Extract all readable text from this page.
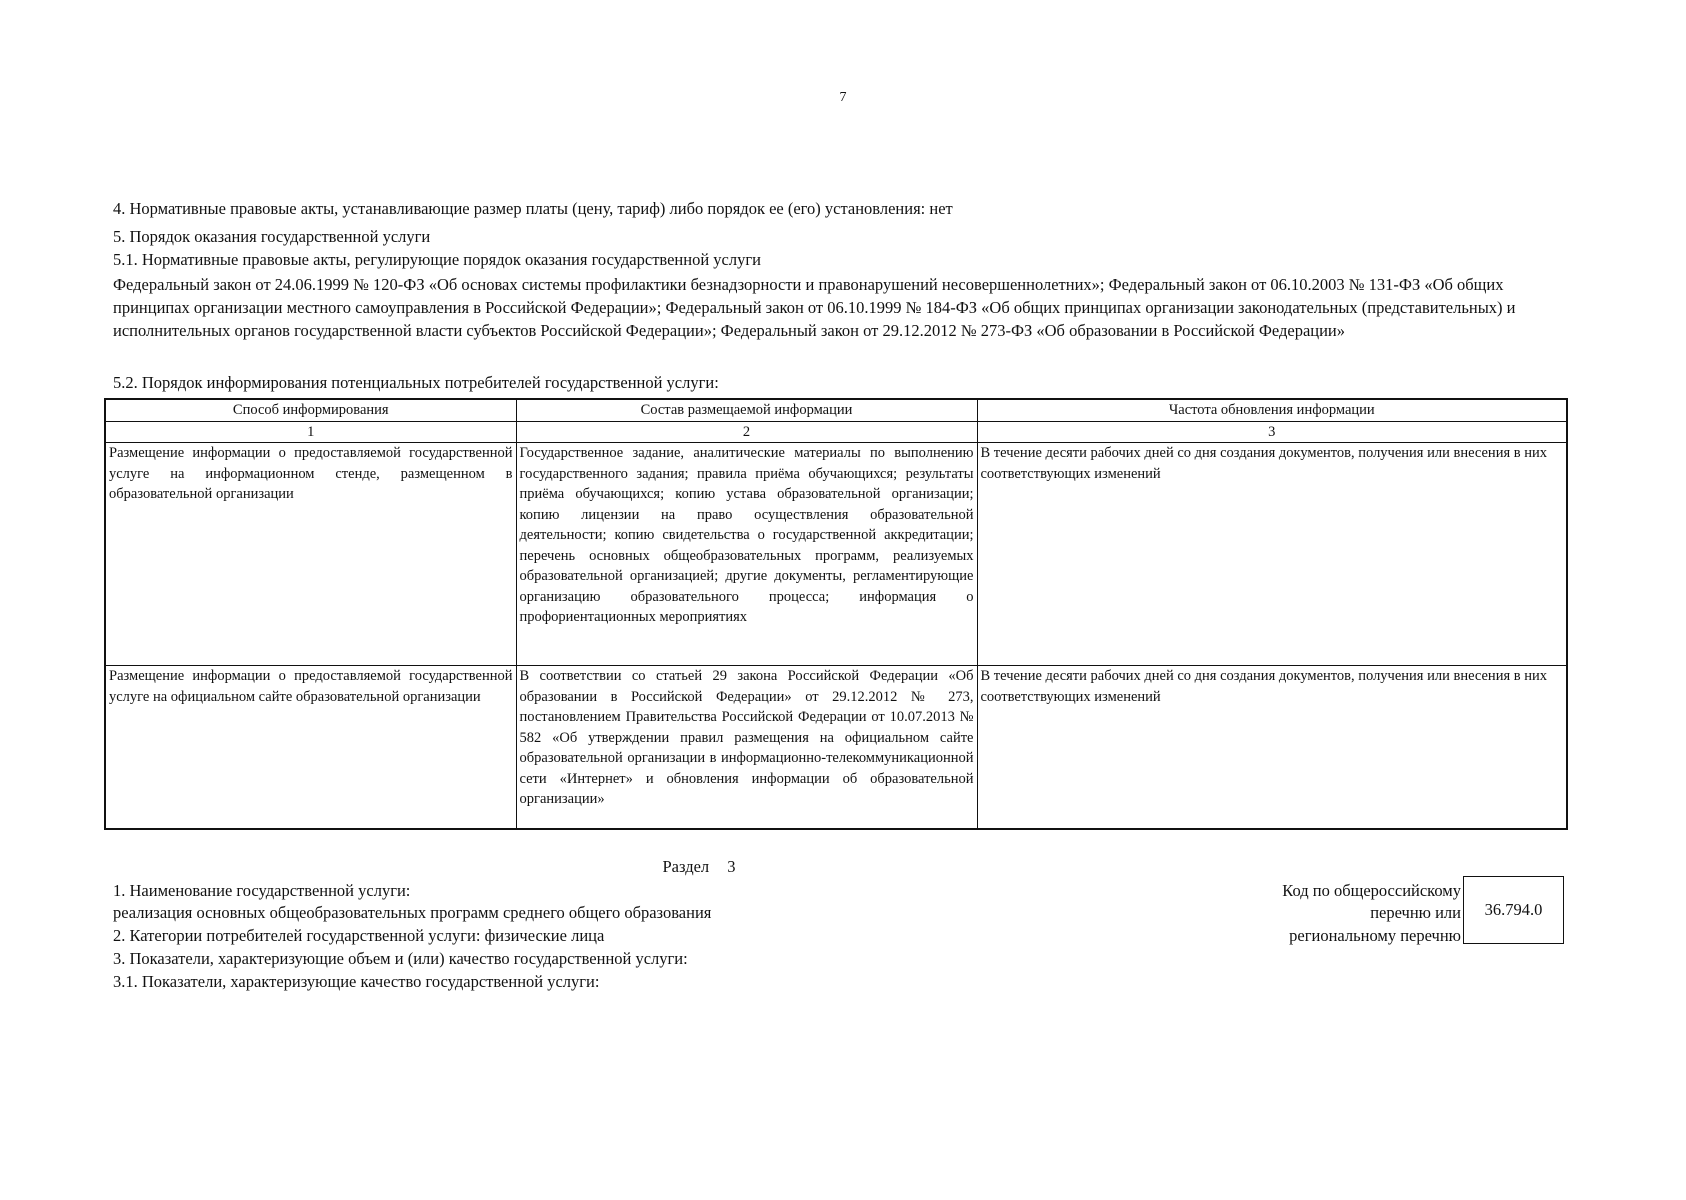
7
4. Нормативные правовые акты, устанавливающие размер платы (цену, тариф) либо порядок ее (его) установления: нет
5. Порядок оказания государственной услуги
5.1. Нормативные правовые акты, регулирующие порядок оказания государственной услуги
Федеральный закон от 24.06.1999 № 120-ФЗ «Об основах системы профилактики безнадзорности и правонарушений несовершеннолетних»; Федеральный закон от 06.10.2003 № 131-ФЗ «Об общих принципах организации местного самоуправления в Российской Федерации»; Федеральный закон от 06.10.1999 № 184-ФЗ «Об общих принципах организации законодательных (представительных) и исполнительных органов государственной власти субъектов Российской Федерации»; Федеральный закон от 29.12.2012 № 273-ФЗ «Об образовании в Российской Федерации»
5.2. Порядок информирования потенциальных потребителей государственной услуги:
Способ информирования	Состав размещаемой информации	Частота обновления информации
1	2	3
Размещение информации о предоставляемой государственной услуге на информационном стенде, размещенном в образовательной организации	Государственное задание, аналитические материалы по выполнению государственного задания; правила приёма обучающихся; результаты приёма обучающихся; копию устава образовательной организации; копию лицензии на право осуществления образовательной деятельности; копию свидетельства о государственной аккредитации; перечень основных общеобразовательных программ, реализуемых образовательной организацией; другие документы, регламентирующие организацию образовательного процесса; информация о профориентационных мероприятиях	В течение десяти рабочих дней со дня создания документов, получения или внесения в них соответствующих изменений
Размещение информации о предоставляемой государственной услуге на официальном сайте образовательной организации	В соответствии со статьей 29 закона Российской Федерации «Об образовании в Российской Федерации» от 29.12.2012 № 273, постановлением Правительства Российской Федерации от 10.07.2013 № 582 «Об утверждении правил размещения на официальном сайте образовательной организации в информационно-телекоммуникационной сети «Интернет» и обновления информации об образовательной организации»	В течение десяти рабочих дней со дня создания документов, получения или внесения в них соответствующих изменений
Раздел 3
1. Наименование государственной услуги:
реализация основных общеобразовательных программ среднего общего образования
2. Категории потребителей государственной услуги: физические лица
3. Показатели, характеризующие объем и (или) качество государственной услуги:
3.1. Показатели, характеризующие качество государственной услуги:
Код по общероссийскому
перечню или
региональному перечню
36.794.0
